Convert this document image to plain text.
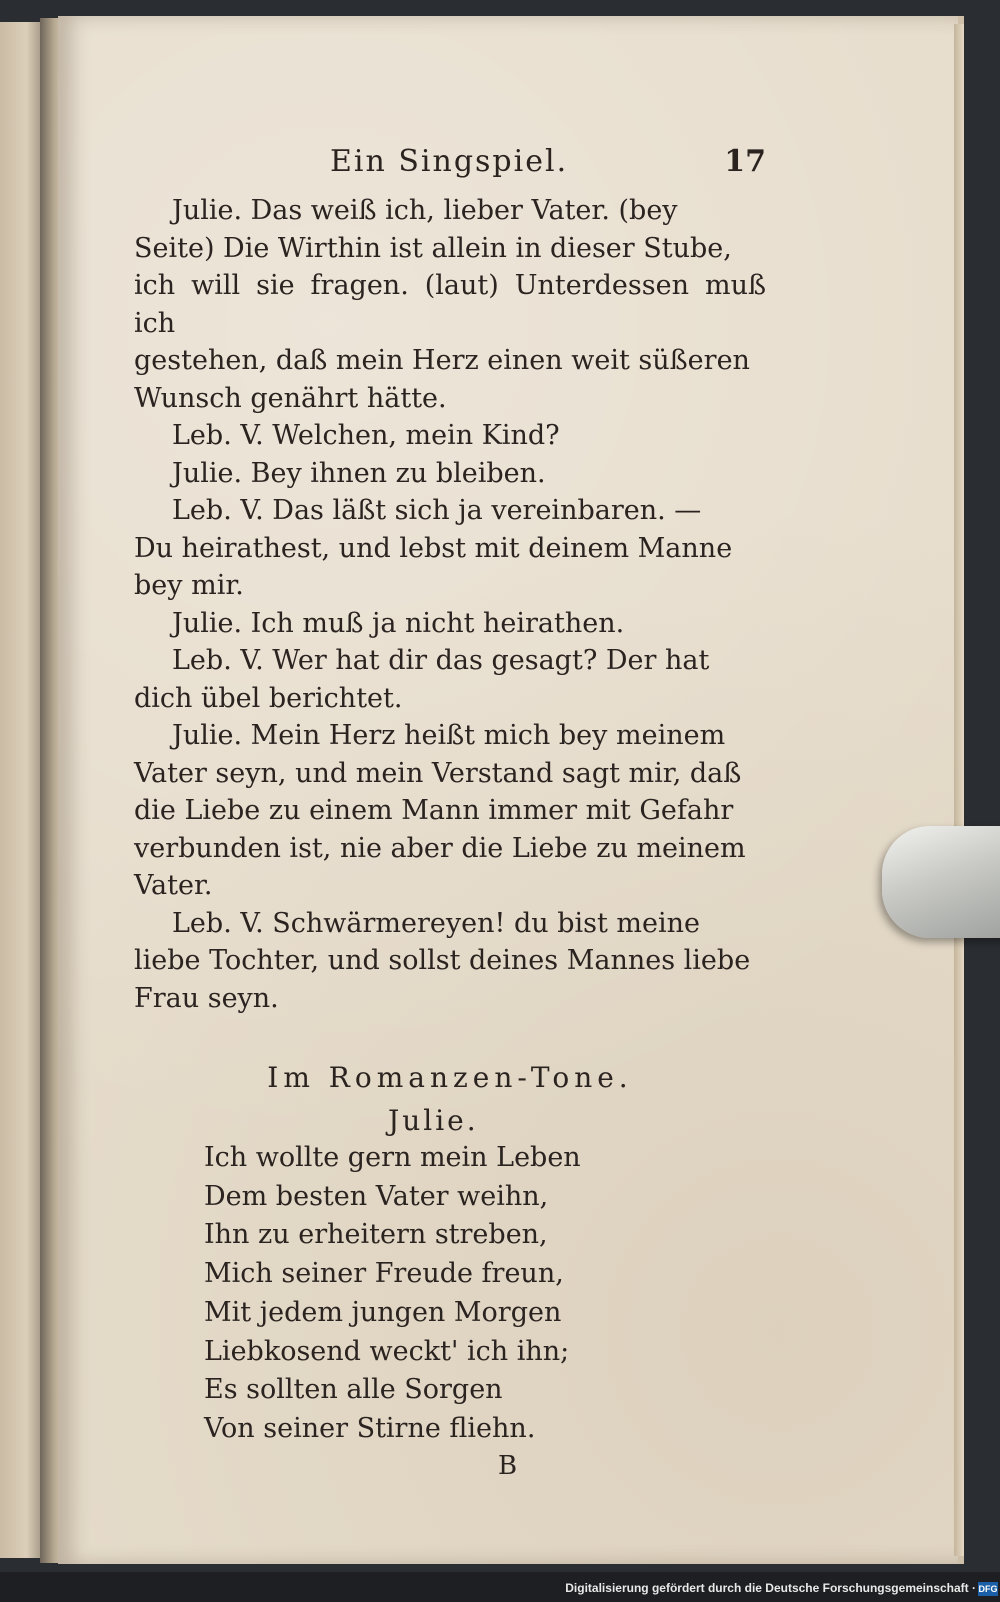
Ein Singspiel.	17

Julie. Das weiß ich, lieber Vater. (bey
Seite) Die Wirthin ist allein in dieser Stube,
ich will sie fragen. (laut) Unterdessen muß ich
gestehen, daß mein Herz einen weit süßeren
Wunsch genährt hätte.

Leb. V. Welchen, mein Kind?

Julie. Bey ihnen zu bleiben.

Leb. V. Das läßt sich ja vereinbaren. —
Du heirathest, und lebst mit deinem Manne
bey mir.

Julie. Ich muß ja nicht heirathen.

Leb. V. Wer hat dir das gesagt? Der hat
dich übel berichtet.

Julie. Mein Herz heißt mich bey meinem
Vater seyn, und mein Verstand sagt mir, daß
die Liebe zu einem Mann immer mit Gefahr
verbunden ist, nie aber die Liebe zu meinem
Vater.

Leb. V. Schwärmereyen! du bist meine
liebe Tochter, und sollst deines Mannes liebe
Frau seyn.

Im Romanzen-Tone.
Julie.
Ich wollte gern mein Leben
Dem besten Vater weihn,
Ihn zu erheitern streben,
Mich seiner Freude freun,
Mit jedem jungen Morgen
Liebkosend weckt' ich ihn;
Es sollten alle Sorgen
Von seiner Stirne fliehn.
B
Digitalisierung gefördert durch die Deutsche Forschungsgemeinschaft · DFG
